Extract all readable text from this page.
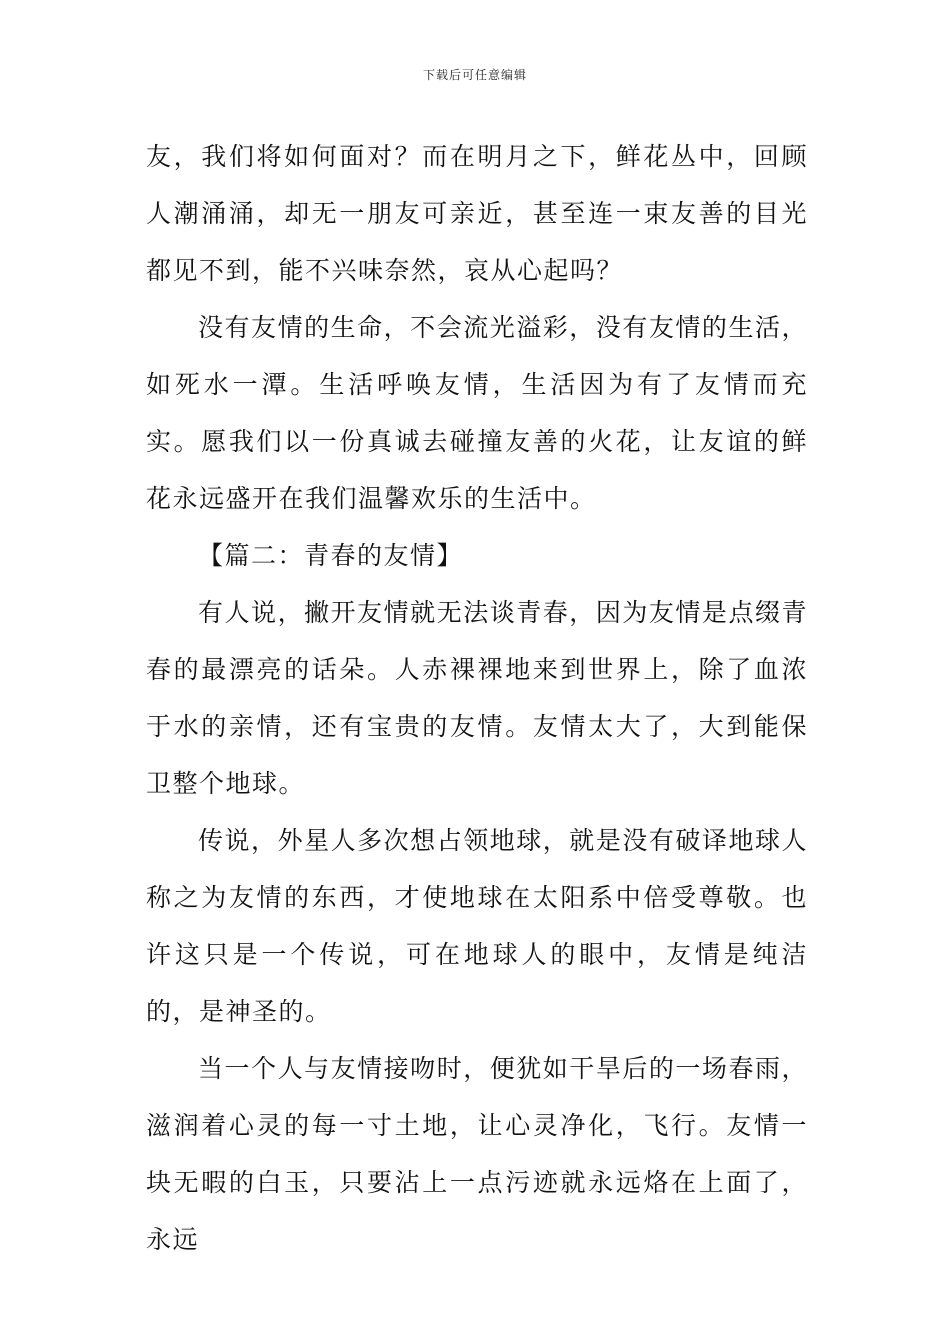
下载后可任意编辑

友，我们将如何面对？而在明月之下，鲜花丛中，回顾人潮涌涌，却无一朋友可亲近，甚至连一束友善的目光都见不到，能不兴味奈然，哀从心起吗？

没有友情的生命，不会流光溢彩，没有友情的生活，如死水一潭。生活呼唤友情，生活因为有了友情而充实。愿我们以一份真诚去碰撞友善的火花，让友谊的鲜花永远盛开在我们温馨欢乐的生活中。

【篇二：青春的友情】

有人说，撇开友情就无法谈青春，因为友情是点缀青春的最漂亮的话朵。人赤裸裸地来到世界上，除了血浓于水的亲情，还有宝贵的友情。友情太大了，大到能保卫整个地球。

传说，外星人多次想占领地球，就是没有破译地球人称之为友情的东西，才使地球在太阳系中倍受尊敬。也许这只是一个传说，可在地球人的眼中，友情是纯洁的，是神圣的。

当一个人与友情接吻时，便犹如干旱后的一场春雨，滋润着心灵的每一寸土地，让心灵净化，飞行。友情一块无暇的白玉，只要沾上一点污迹就永远烙在上面了，永远
